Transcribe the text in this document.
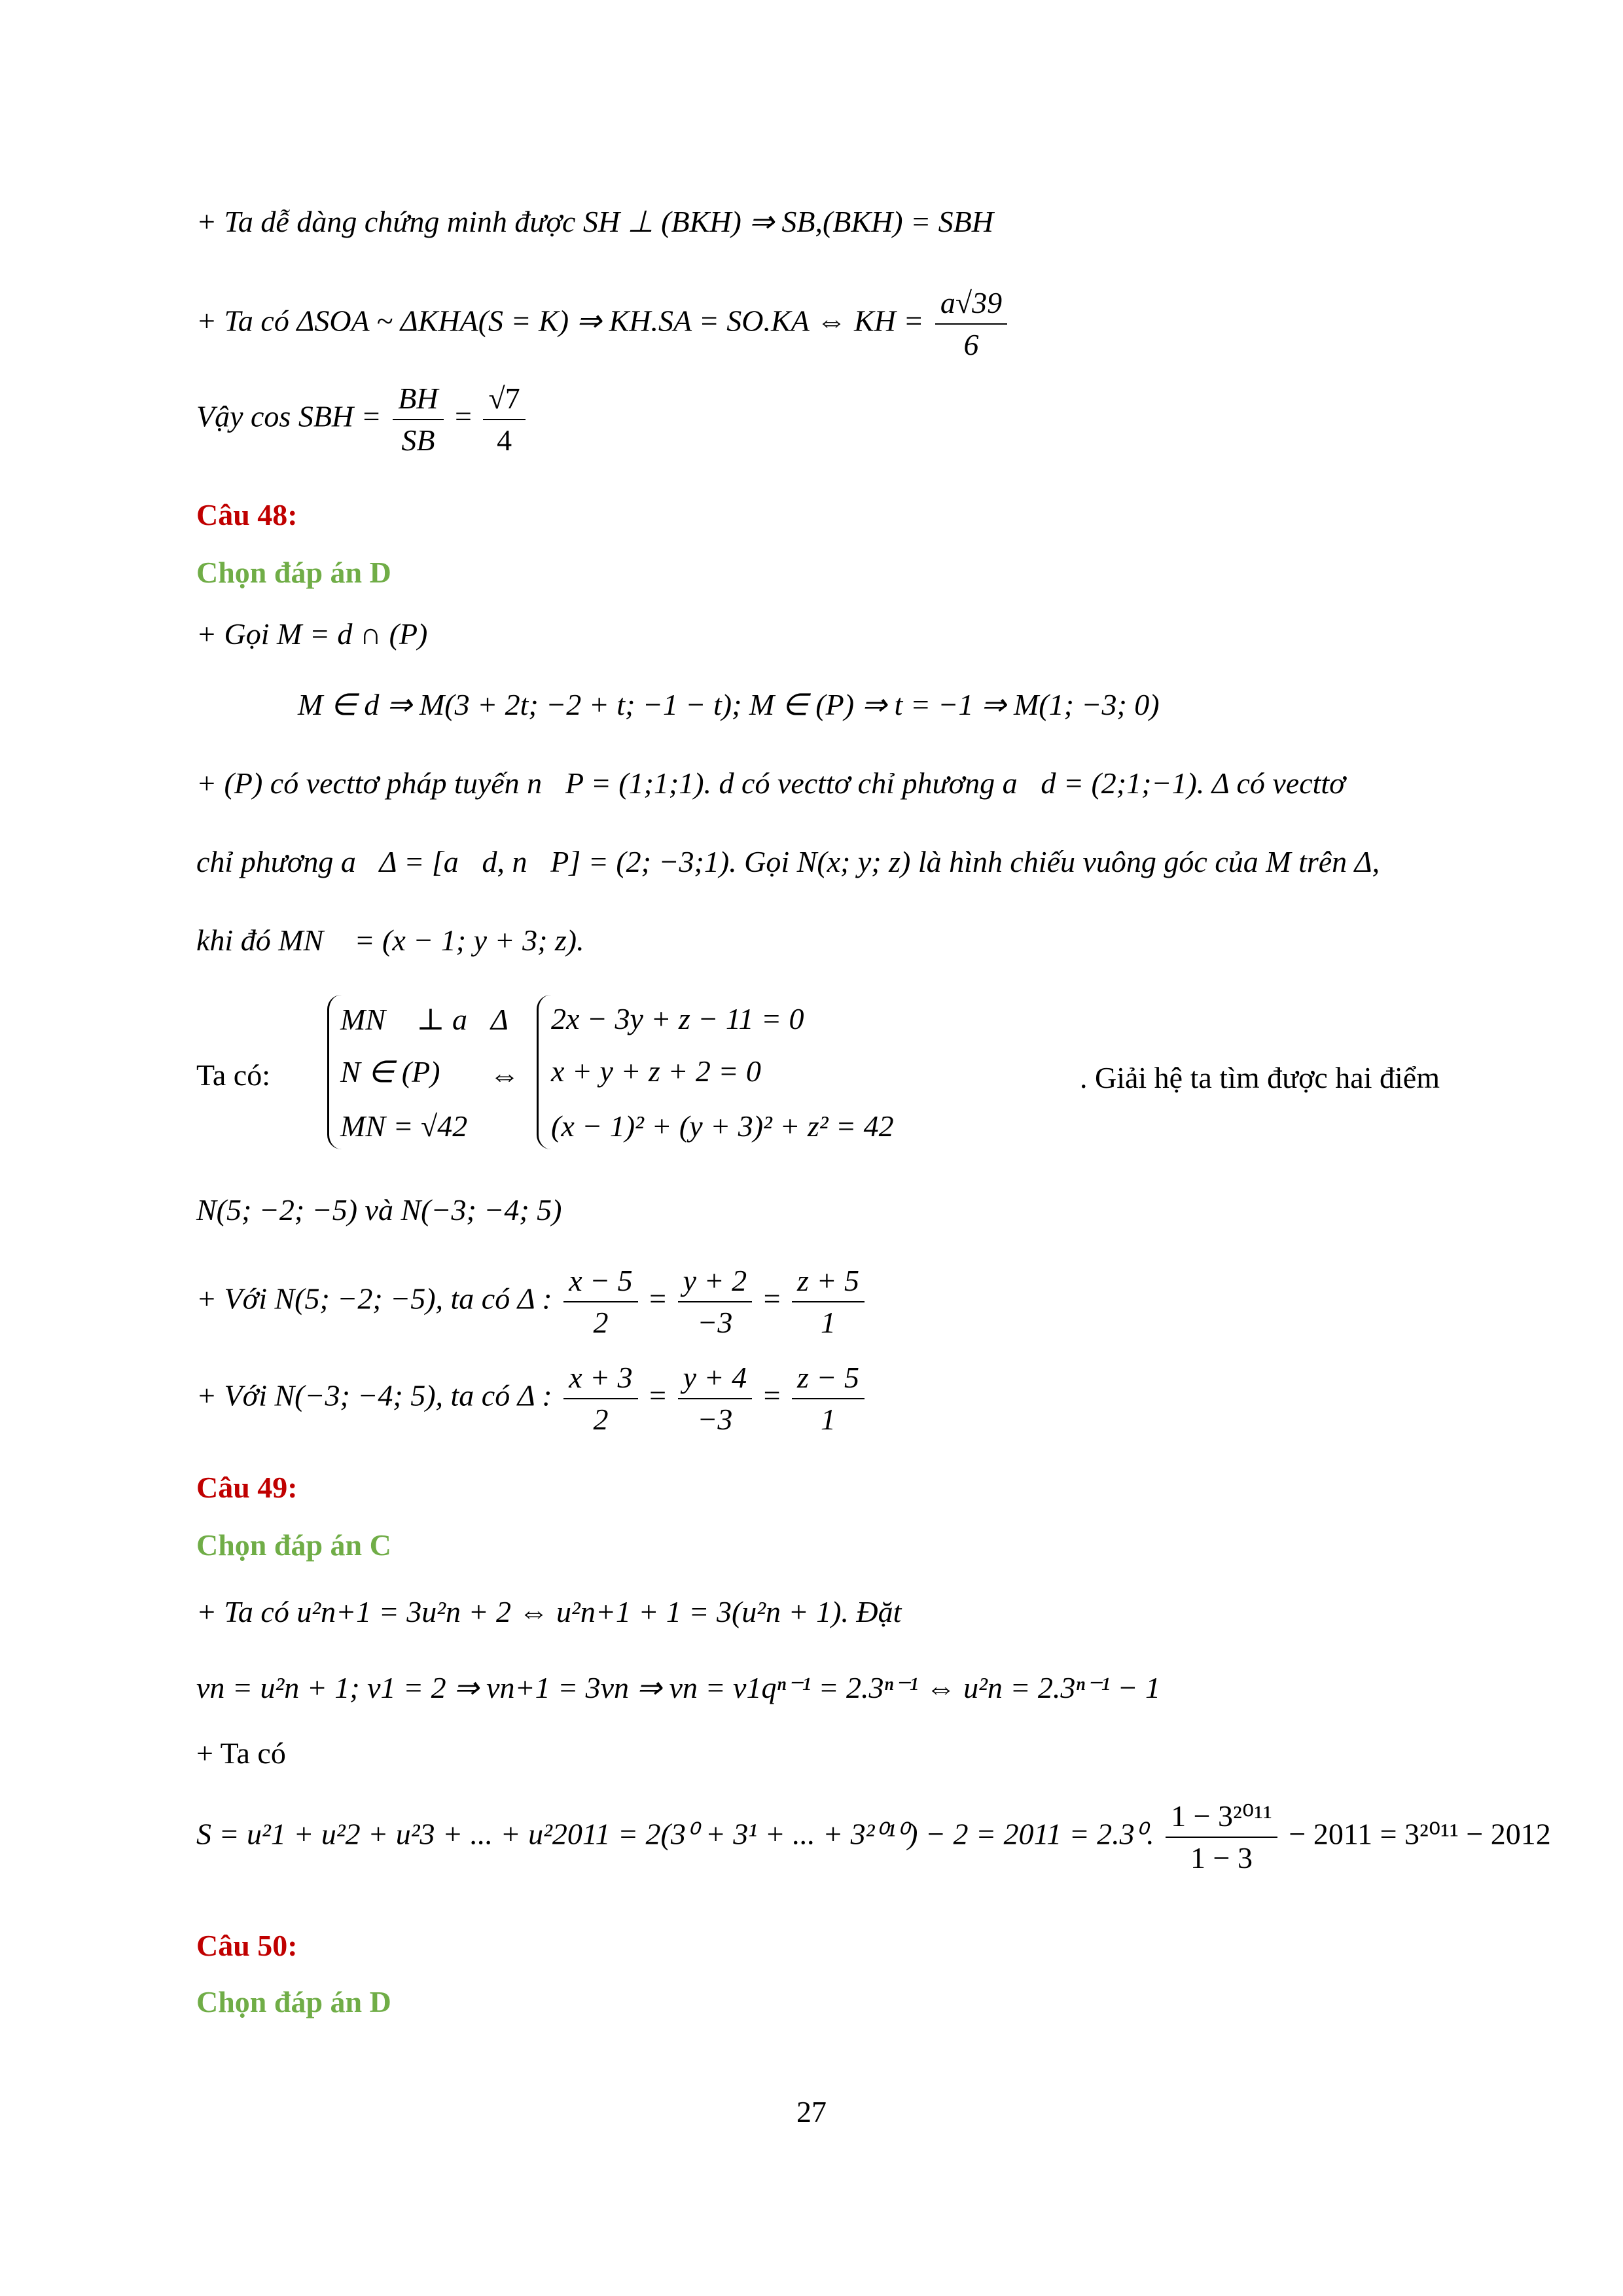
+ Ta dễ dàng chứng minh được SH ⊥ (BKH) ⇒ SB,(BKH) = SBH
+ Ta có ΔSOA ~ ΔKHA(S = K) ⇒ KH.SA = SO.KA ⇔ KH = $\frac{a√39}{6}$
Vậy cos SBH = $\frac{BH}{SB} = \frac{√7}{4}$
Câu 48:
Chọn đáp án D
+ Gọi M = d ∩ (P)
M ∈ d ⇒ M(3 + 2t; −2 + t; −1 − t); M ∈ (P) ⇒ t = −1 ⇒ M(1; −3; 0)
+ (P) có vecttơ pháp tuyến n⃗P = (1;1;1). d có vecttơ chỉ phương a⃗d = (2;1;−1). Δ có vecttơ
chỉ phương a⃗Δ = [a⃗d, n⃗P] = (2; −3;1). Gọi N(x; y; z) là hình chiếu vuông góc của M trên Δ,
khi đó MN⃗ = (x − 1; y + 3; z).
Ta có:
MN⃗ ⊥ a⃗Δ
N ∈ (P)
MN = √42
⇔
2x − 3y + z − 11 = 0
x + y + z + 2 = 0
(x − 1)² + (y + 3)² + z² = 42
. Giải hệ ta tìm được hai điểm
N(5; −2; −5) và N(−3; −4; 5)
+ Với N(5; −2; −5), ta có Δ : $\frac{x - 5}{2} = \frac{y + 2}{-3} = \frac{z + 5}{1}$
+ Với N(−3; −4; 5), ta có Δ : $\frac{x + 3}{2} = \frac{y + 4}{-3} = \frac{z - 5}{1}$
Câu 49:
Chọn đáp án C
+ Ta có u²n+1 = 3u²n + 2 ⇔ u²n+1 + 1 = 3(u²n + 1). Đặt
vn = u²n + 1; v1 = 2 ⇒ vn+1 = 3vn ⇒ vn = v1qⁿ⁻¹ = 2.3ⁿ⁻¹ ⇔ u²n = 2.3ⁿ⁻¹ − 1
+ Ta có
S = u²1 + u²2 + u²3 + ... + u²2011 = 2(3⁰ + 3¹ + ... + 3²⁰¹⁰) − 2 = 2011 = 2.3⁰. $\frac{\text{1 − 3²⁰¹¹}}{1 - 3} - 2011 = 3^{2011} - 2012$
Câu 50:
Chọn đáp án D
27
